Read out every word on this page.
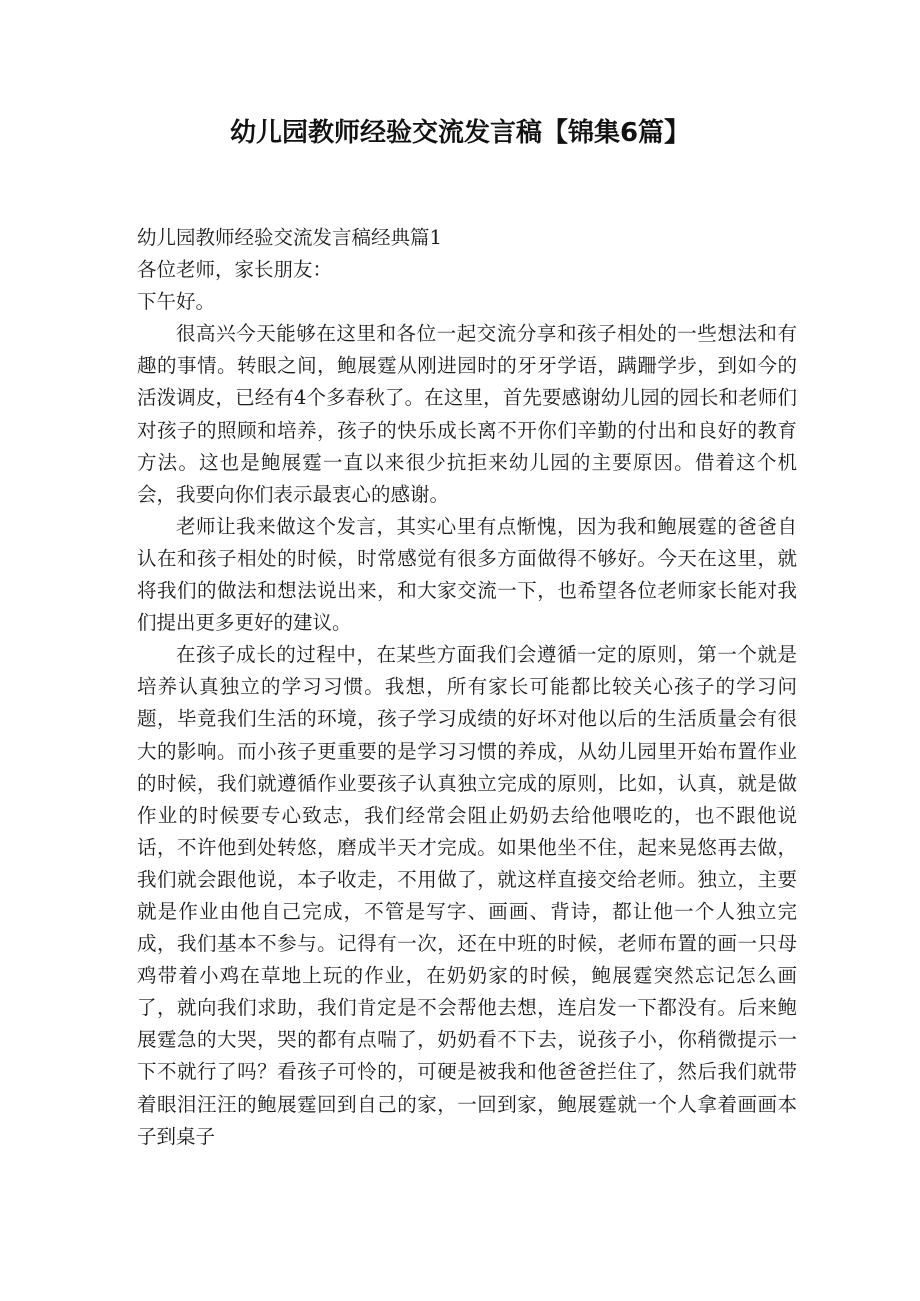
幼儿园教师经验交流发言稿【锦集6篇】

幼儿园教师经验交流发言稿经典篇1

各位老师，家长朋友：

下午好。

很高兴今天能够在这里和各位一起交流分享和孩子相处的一些想法和有趣的事情。转眼之间，鲍展霆从刚进园时的牙牙学语，蹒跚学步，到如今的活泼调皮，已经有4个多春秋了。在这里，首先要感谢幼儿园的园长和老师们对孩子的照顾和培养，孩子的快乐成长离不开你们辛勤的付出和良好的教育方法。这也是鲍展霆一直以来很少抗拒来幼儿园的主要原因。借着这个机会，我要向你们表示最衷心的感谢。

老师让我来做这个发言，其实心里有点惭愧，因为我和鲍展霆的爸爸自认在和孩子相处的时候，时常感觉有很多方面做得不够好。今天在这里，就将我们的做法和想法说出来，和大家交流一下，也希望各位老师家长能对我们提出更多更好的建议。

在孩子成长的过程中，在某些方面我们会遵循一定的原则，第一个就是培养认真独立的学习习惯。我想，所有家长可能都比较关心孩子的学习问题，毕竟我们生活的环境，孩子学习成绩的好坏对他以后的生活质量会有很大的影响。而小孩子更重要的是学习习惯的养成，从幼儿园里开始布置作业的时候，我们就遵循作业要孩子认真独立完成的原则，比如，认真，就是做作业的时候要专心致志，我们经常会阻止奶奶去给他喂吃的，也不跟他说话，不许他到处转悠，磨成半天才完成。如果他坐不住，起来晃悠再去做，我们就会跟他说，本子收走，不用做了，就这样直接交给老师。独立，主要就是作业由他自己完成，不管是写字、画画、背诗，都让他一个人独立完成，我们基本不参与。记得有一次，还在中班的时候，老师布置的画一只母鸡带着小鸡在草地上玩的作业，在奶奶家的时候，鲍展霆突然忘记怎么画了，就向我们求助，我们肯定是不会帮他去想，连启发一下都没有。后来鲍展霆急的大哭，哭的都有点喘了，奶奶看不下去，说孩子小，你稍微提示一下不就行了吗？看孩子可怜的，可硬是被我和他爸爸拦住了，然后我们就带着眼泪汪汪的鲍展霆回到自己的家，一回到家，鲍展霆就一个人拿着画画本子到桌子
